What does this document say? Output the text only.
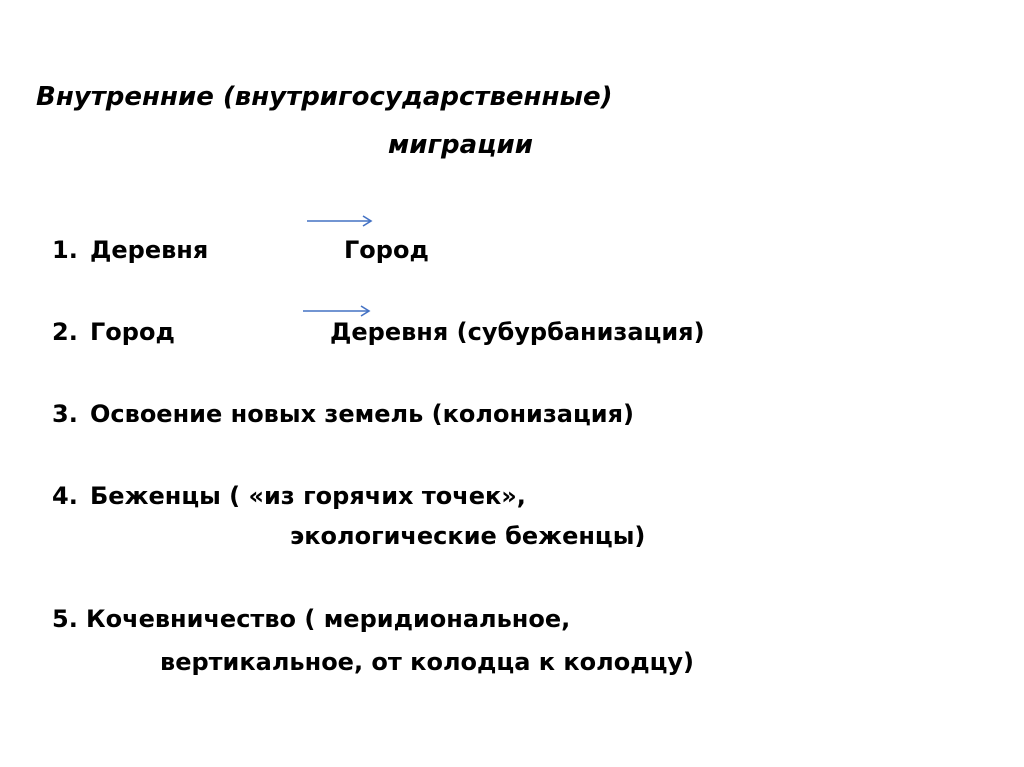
Внутренние (внутригосударственные)
миграции
1. Деревня	Город
2. Город	Деревня (субурбанизация)
3. Освоение новых земель (колонизация)
4. Беженцы ( «из горячих точек»,
экологические беженцы)
5. Кочевничество ( меридиональное,
вертикальное, от колодца к колодцу)
